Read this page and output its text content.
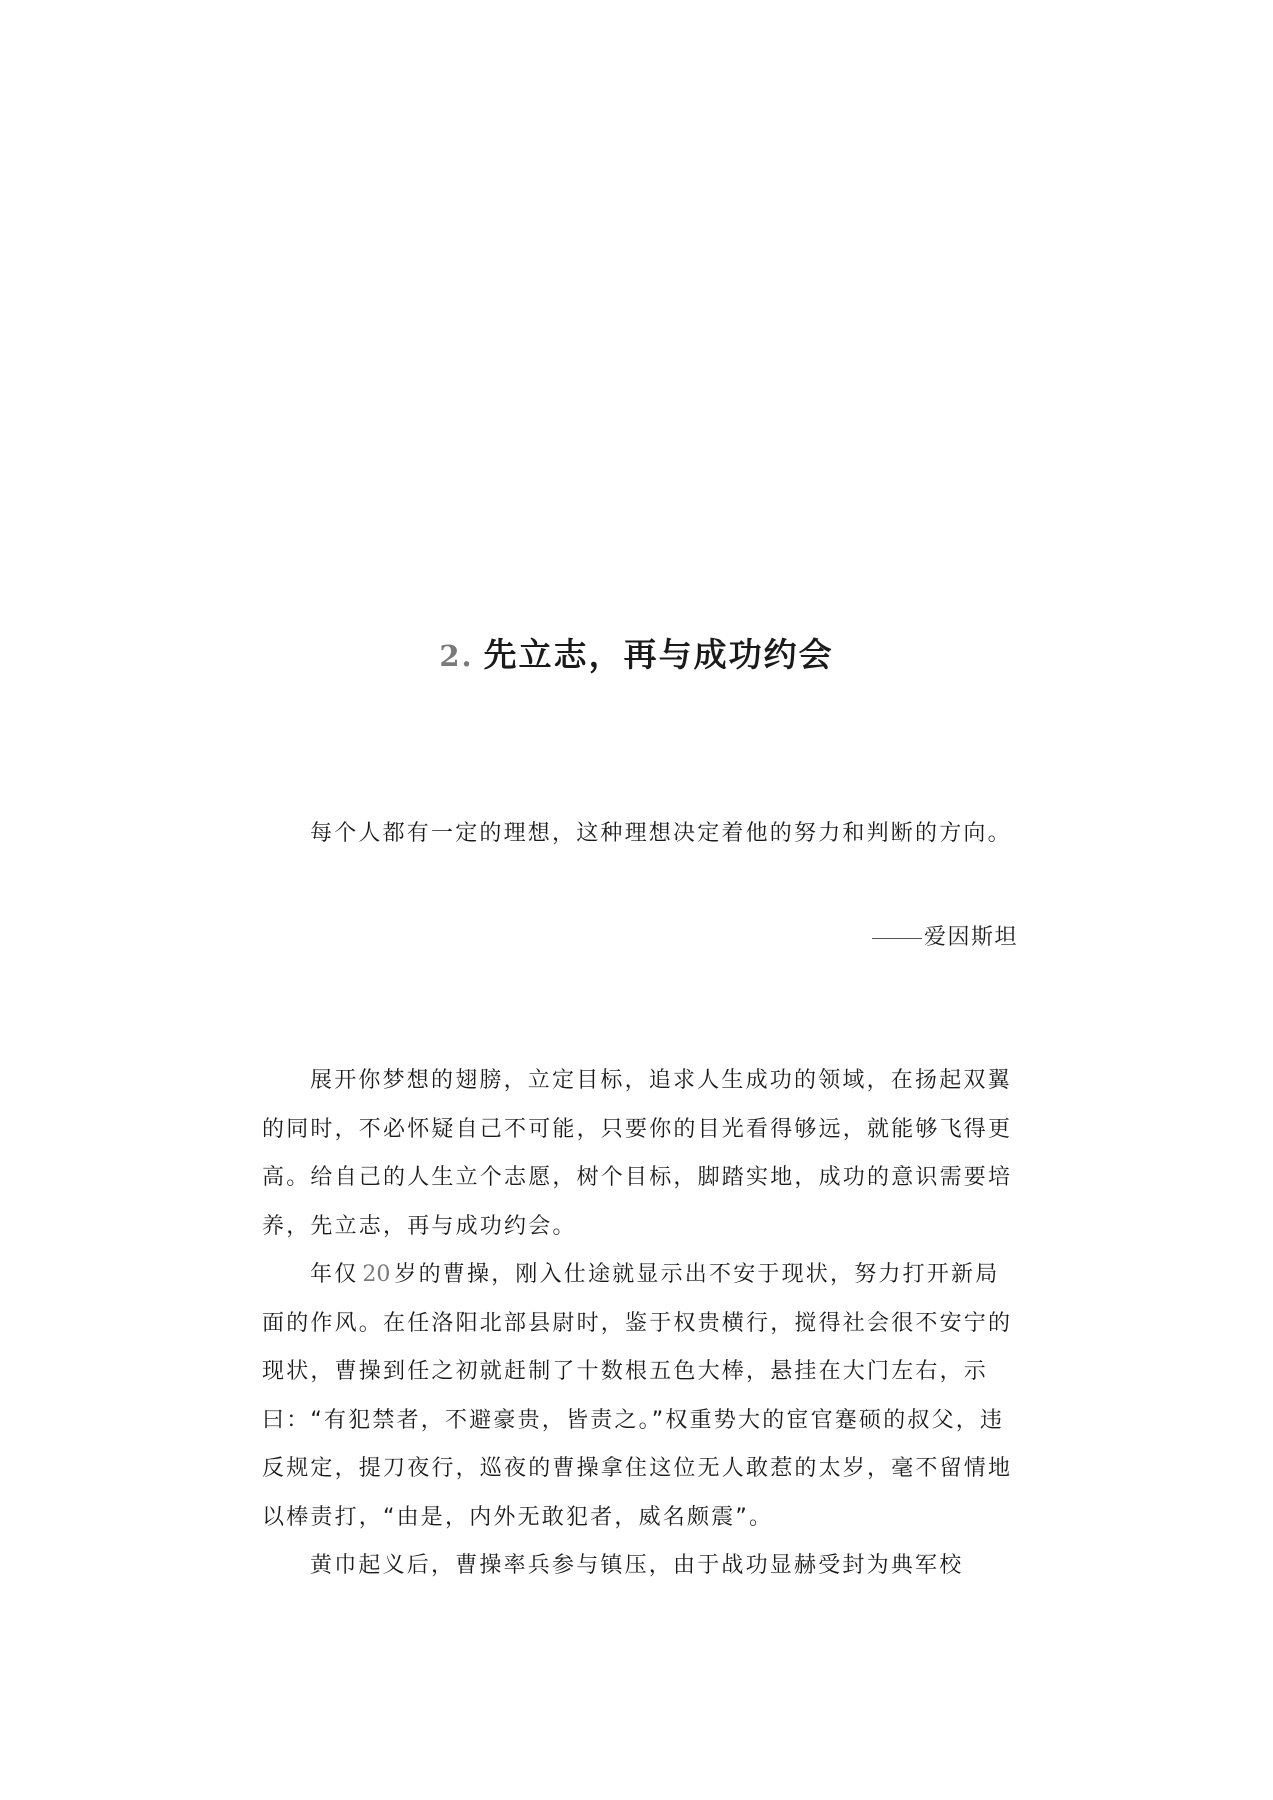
2. 先立志，再与成功约会

每个人都有一定的理想，这种理想决定着他的努力和判断的方向。

爱因斯坦

展开你梦想的翅膀，立定目标，追求人生成功的领域，在扬起双翼的同时，不必怀疑自己不可能，只要你的目光看得够远，就能够飞得更高。给自己的人生立个志愿，树个目标，脚踏实地，成功的意识需要培养，先立志，再与成功约会。

年仅 20 岁的曹操，刚入仕途就显示出不安于现状，努力打开新局面的作风。在任洛阳北部县尉时，鉴于权贵横行，搅得社会很不安宁的现状，曹操到任之初就赶制了十数根五色大棒，悬挂在大门左右，示曰：“有犯禁者，不避豪贵，皆责之。”权重势大的宦官蹇硕的叔父，违反规定，提刀夜行，巡夜的曹操拿住这位无人敢惹的太岁，毫不留情地以棒责打，“由是，内外无敢犯者，威名颇震”。

黄巾起义后，曹操率兵参与镇压，由于战功显赫受封为典军校
